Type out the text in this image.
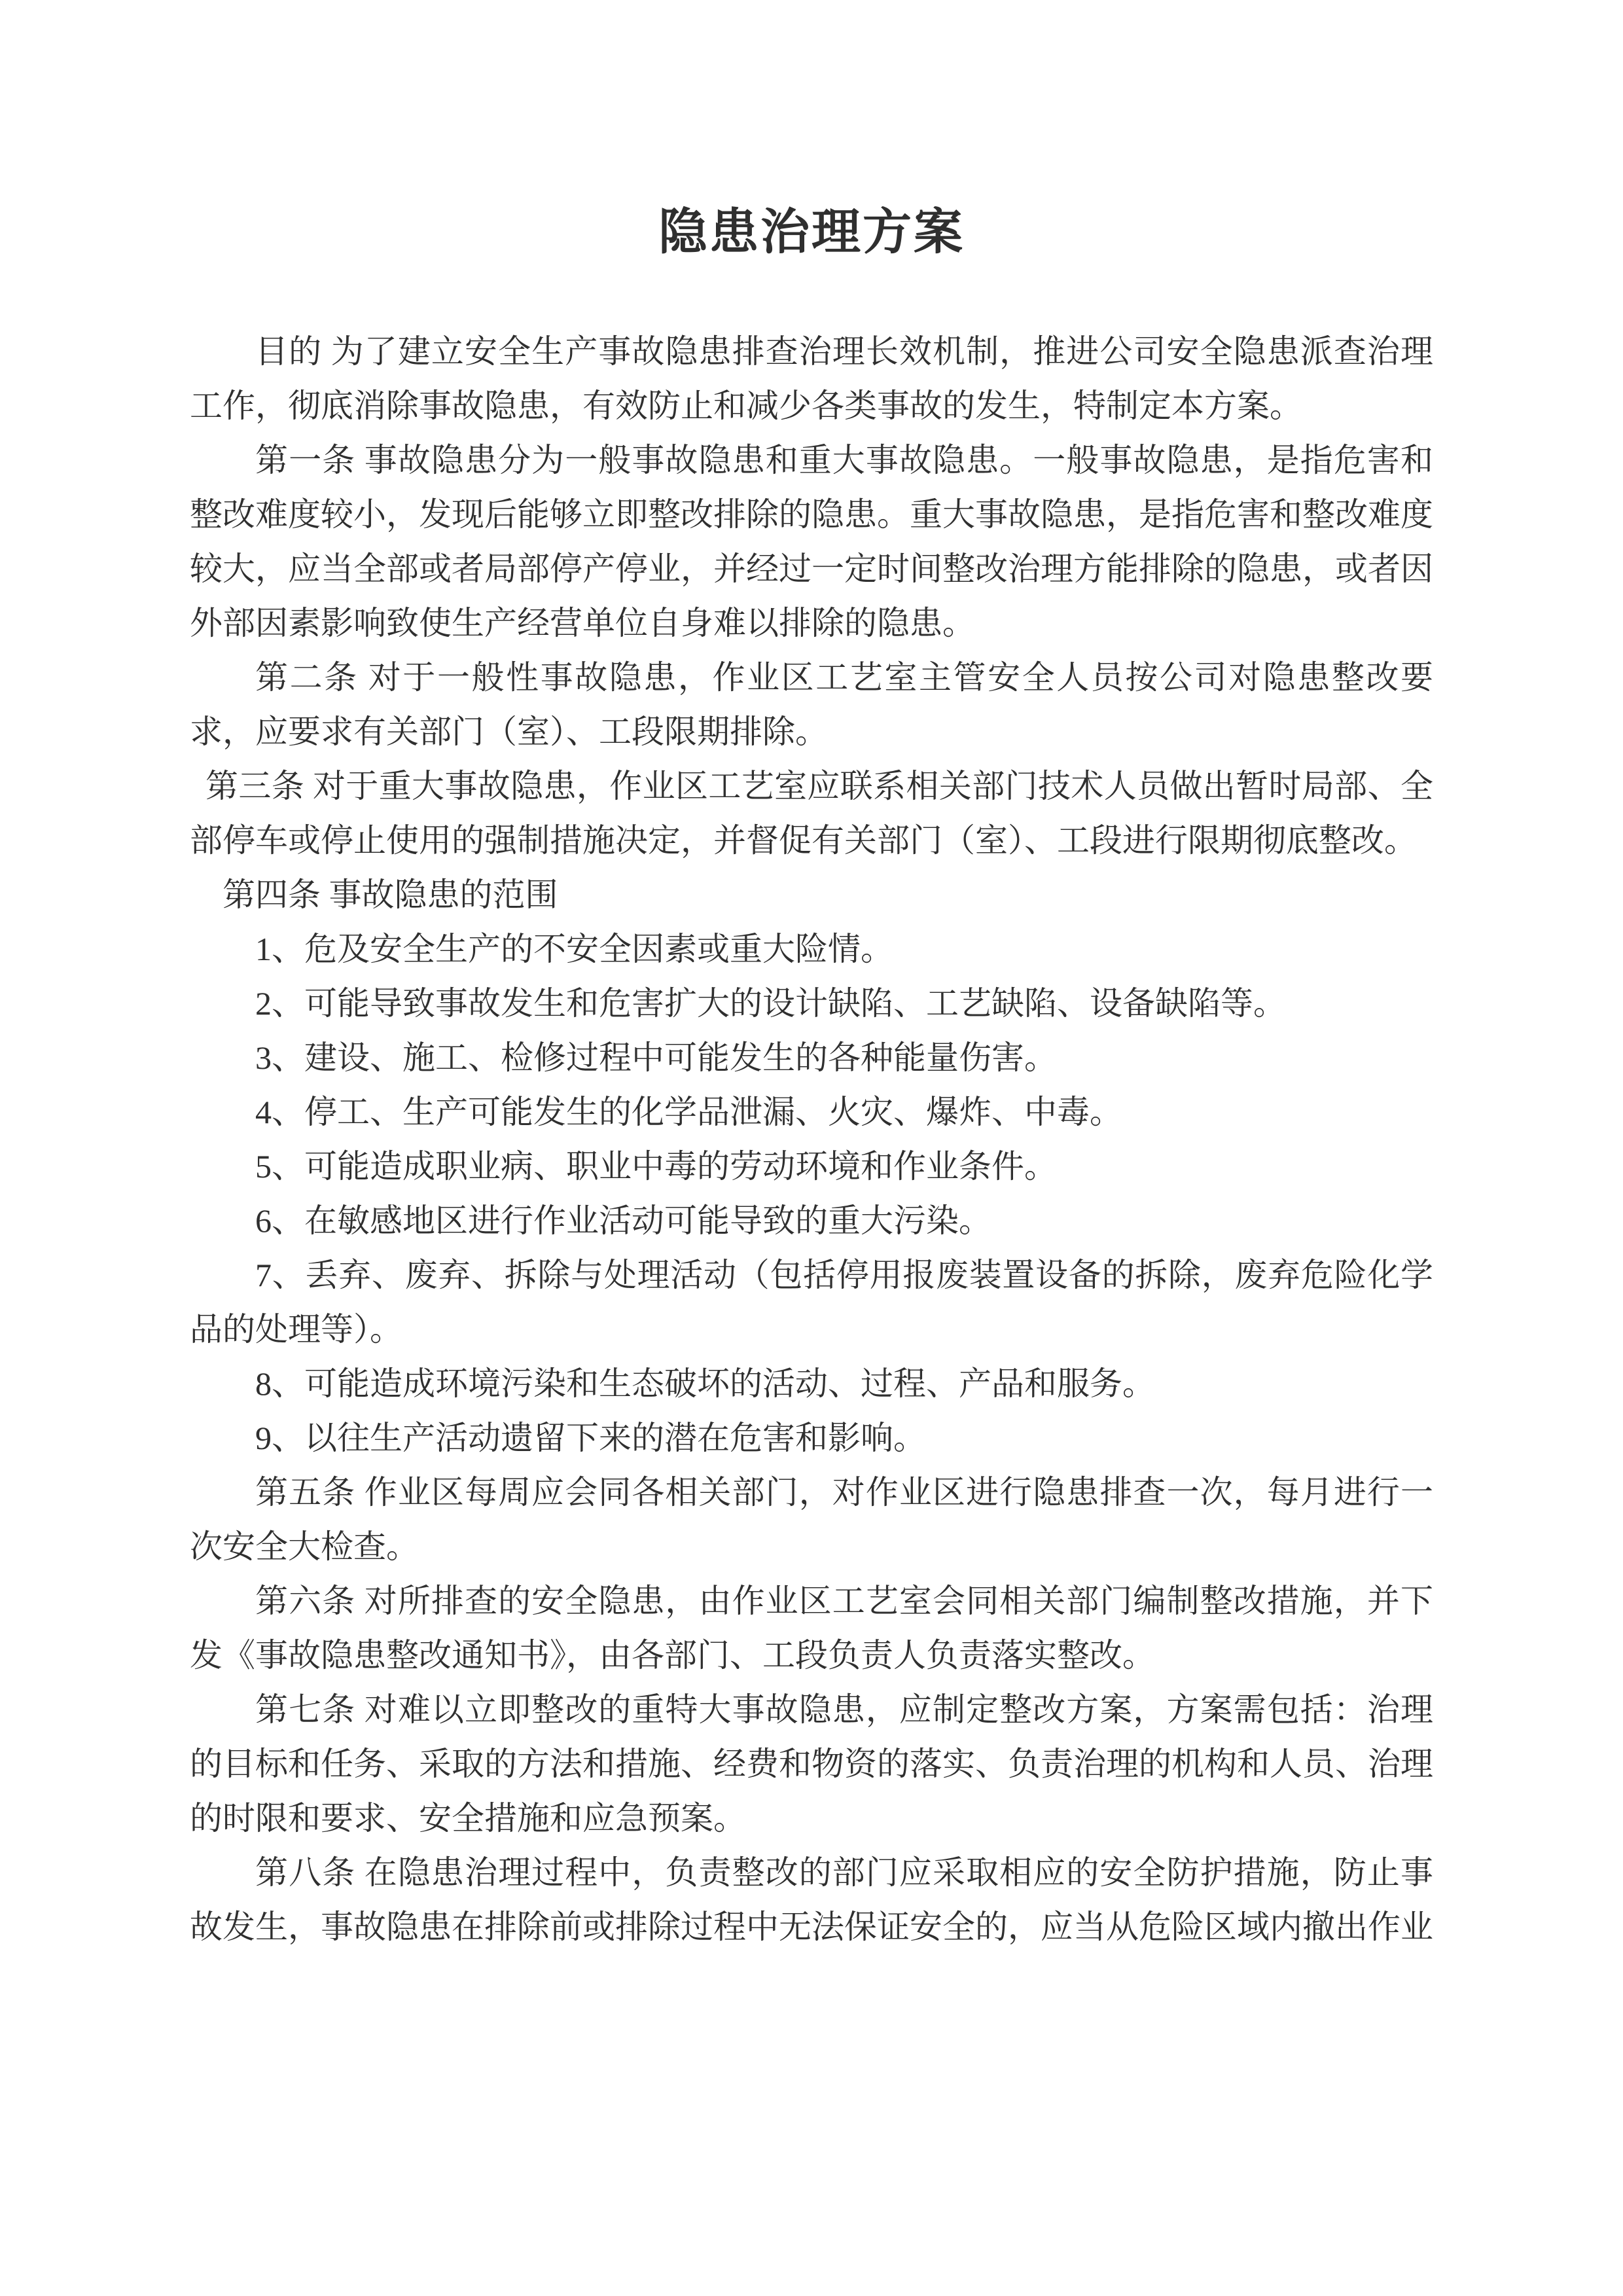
隐患治理方案

目的 为了建立安全生产事故隐患排查治理长效机制，推进公司安全隐患派查治理工作，彻底消除事故隐患，有效防止和减少各类事故的发生，特制定本方案。

第一条 事故隐患分为一般事故隐患和重大事故隐患。一般事故隐患，是指危害和整改难度较小，发现后能够立即整改排除的隐患。重大事故隐患，是指危害和整改难度较大，应当全部或者局部停产停业，并经过一定时间整改治理方能排除的隐患，或者因外部因素影响致使生产经营单位自身难以排除的隐患。

第二条 对于一般性事故隐患，作业区工艺室主管安全人员按公司对隐患整改要求，应要求有关部门（室）、工段限期排除。

第三条 对于重大事故隐患，作业区工艺室应联系相关部门技术人员做出暂时局部、全部停车或停止使用的强制措施决定，并督促有关部门（室）、工段进行限期彻底整改。

第四条 事故隐患的范围

1、危及安全生产的不安全因素或重大险情。

2、可能导致事故发生和危害扩大的设计缺陷、工艺缺陷、设备缺陷等。

3、建设、施工、检修过程中可能发生的各种能量伤害。

4、停工、生产可能发生的化学品泄漏、火灾、爆炸、中毒。

5、可能造成职业病、职业中毒的劳动环境和作业条件。

6、在敏感地区进行作业活动可能导致的重大污染。

7、丢弃、废弃、拆除与处理活动（包括停用报废装置设备的拆除，废弃危险化学品的处理等）。

8、可能造成环境污染和生态破坏的活动、过程、产品和服务。

9、以往生产活动遗留下来的潜在危害和影响。

第五条 作业区每周应会同各相关部门，对作业区进行隐患排查一次，每月进行一次安全大检查。

第六条 对所排查的安全隐患，由作业区工艺室会同相关部门编制整改措施，并下发《事故隐患整改通知书》，由各部门、工段负责人负责落实整改。

第七条 对难以立即整改的重特大事故隐患，应制定整改方案，方案需包括：治理的目标和任务、采取的方法和措施、经费和物资的落实、负责治理的机构和人员、治理的时限和要求、安全措施和应急预案。

第八条 在隐患治理过程中，负责整改的部门应采取相应的安全防护措施，防止事故发生，事故隐患在排除前或排除过程中无法保证安全的，应当从危险区域内撤出作业
